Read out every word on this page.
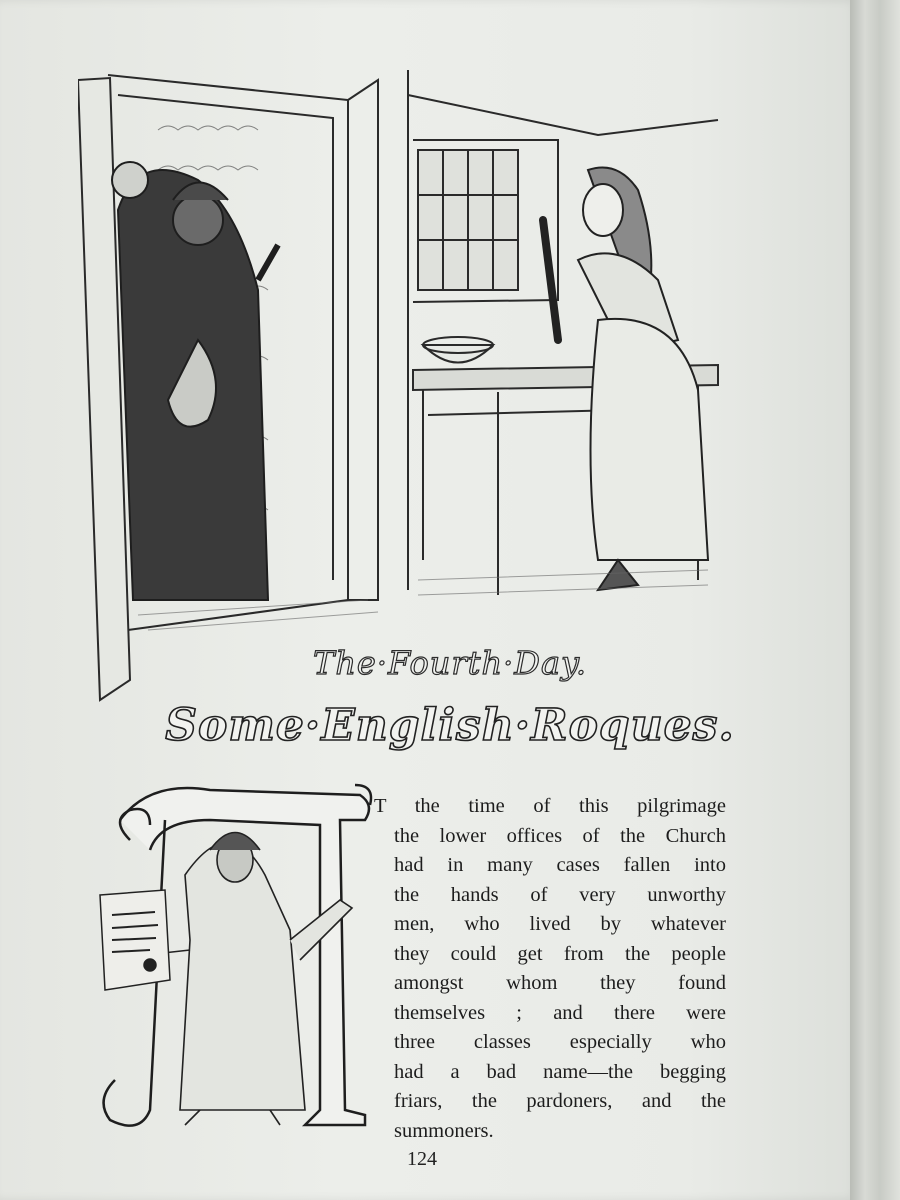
The·Fourth·Day.
Some·English·Roques.
T the time of this pilgrimage
the lower offices of the Church
had in many cases fallen into
the hands of very unworthy
men, who lived by whatever
they could get from the people
amongst whom they found
themselves ; and there were
three classes especially who
had a bad name—the begging
friars, the pardoners, and the
summoners.
124
